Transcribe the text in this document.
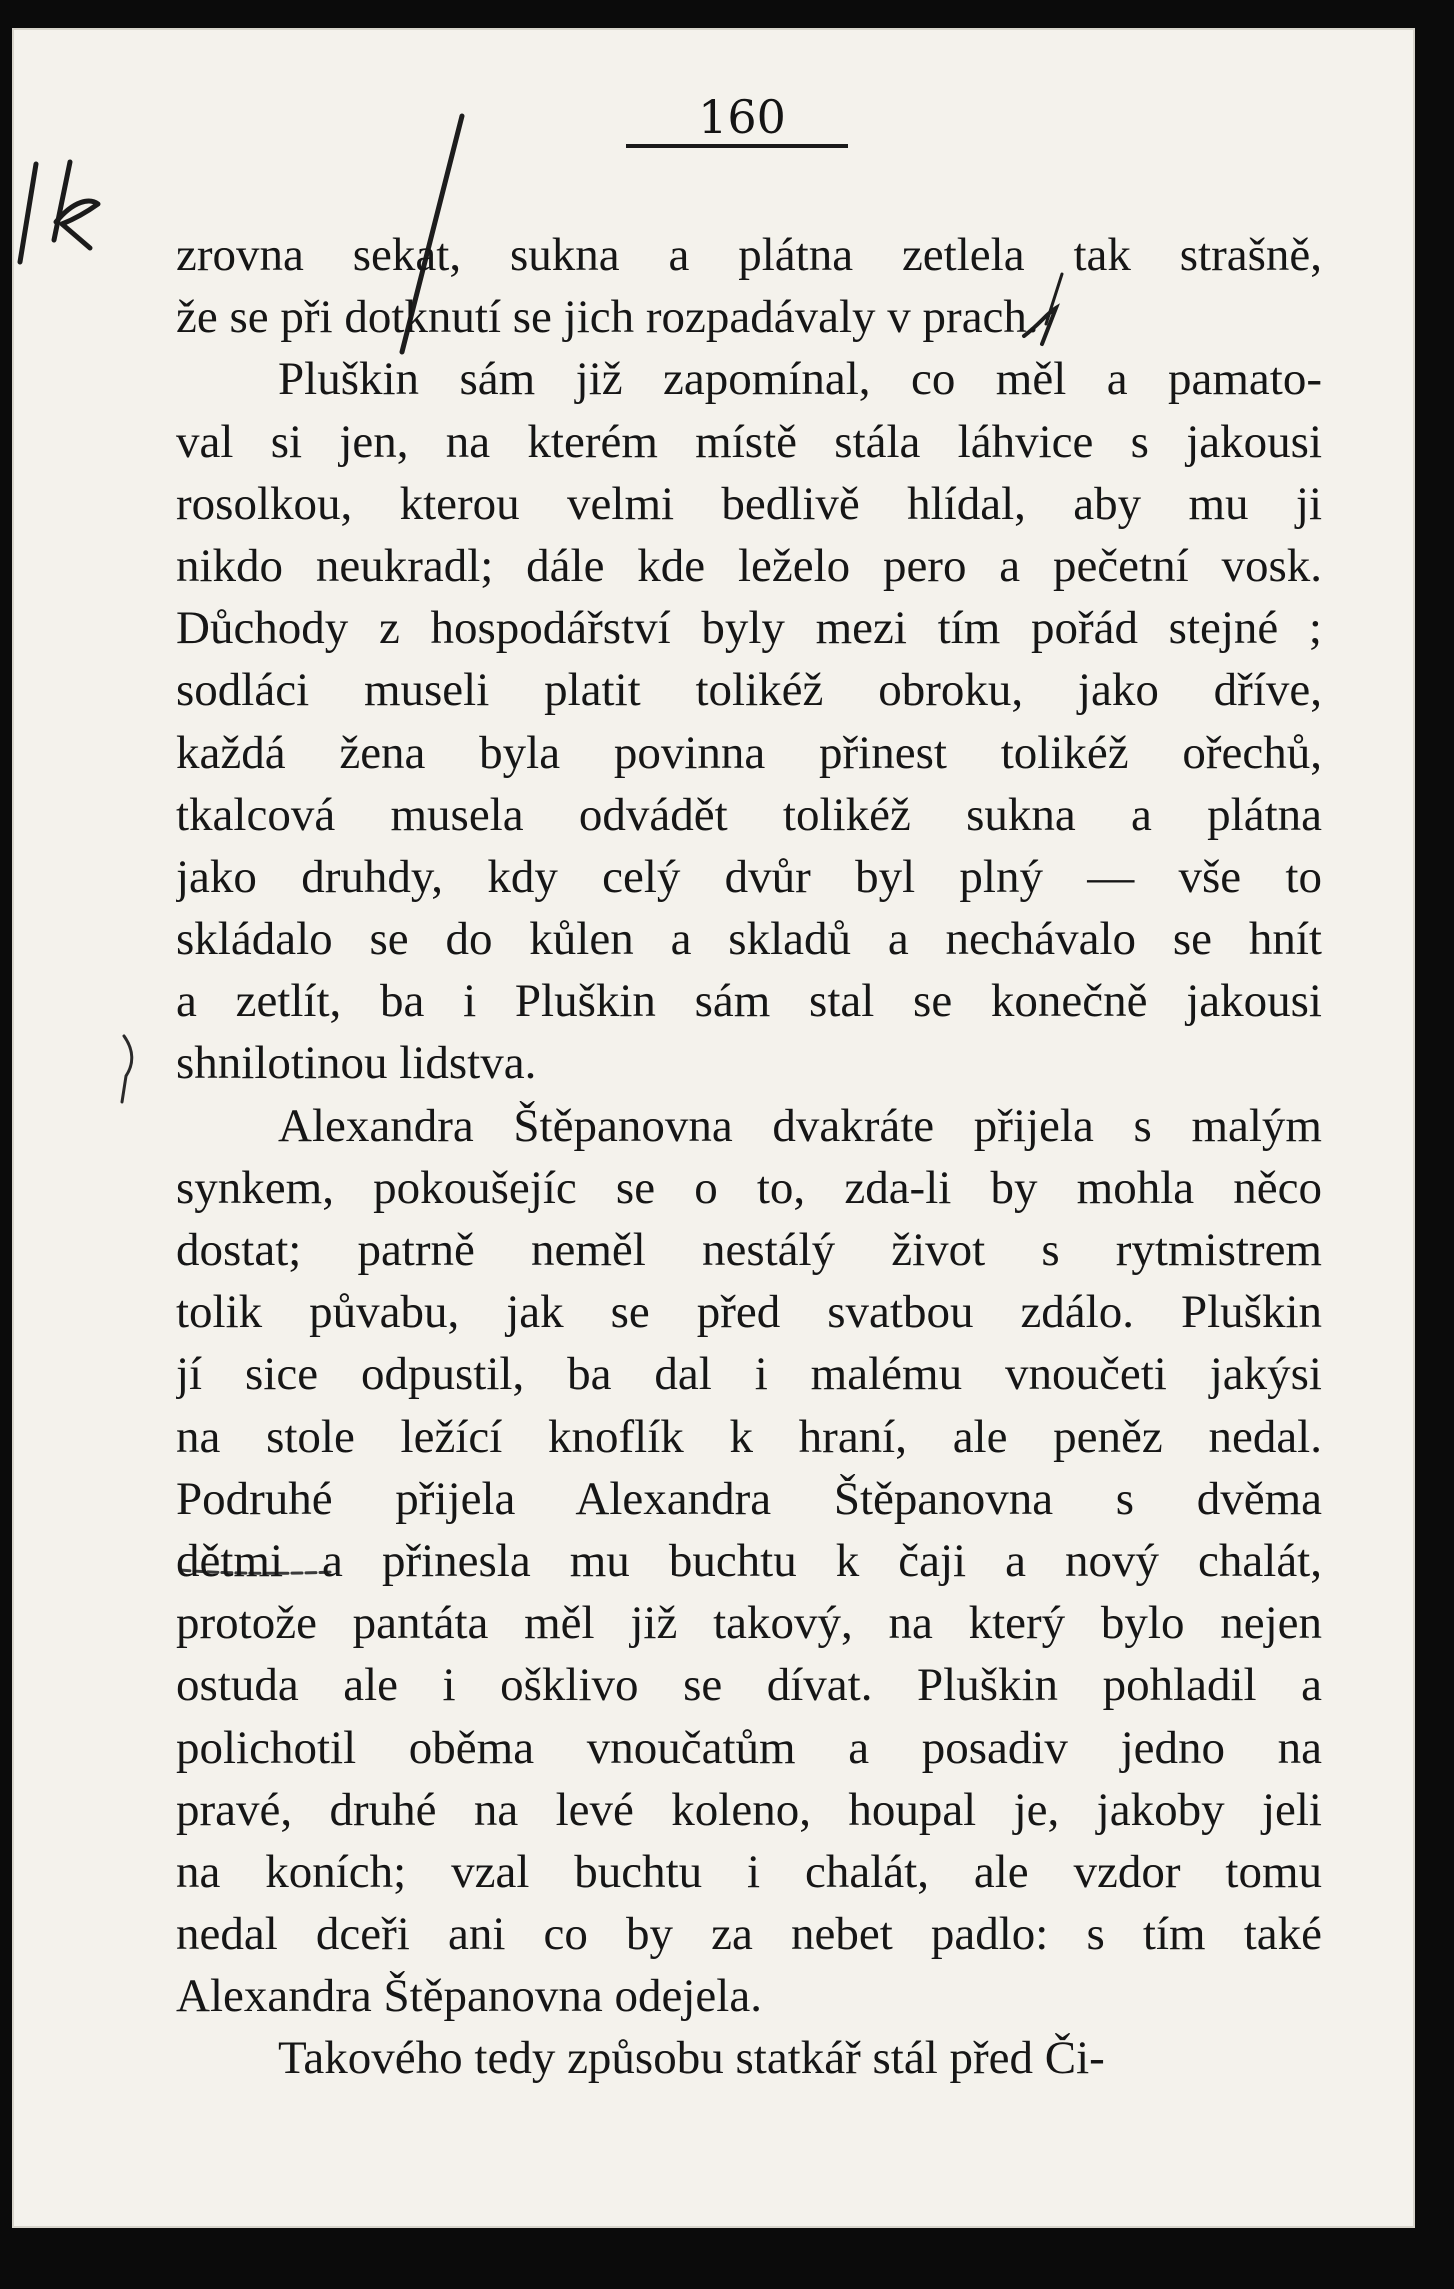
160
zrovna sekat, sukna a plátna zetlela tak strašně,
že se při dotknutí se jich rozpadávaly v prach.
Pluškin sám již zapomínal, co měl a pamato-
val si jen, na kterém místě stála láhvice s jakousi
rosolkou, kterou velmi bedlivě hlídal, aby mu ji
nikdo neukradl; dále kde leželo pero a pečetní vosk.
Důchody z hospodářství byly mezi tím pořád stejné ;
sodláci museli platit tolikéž obroku, jako dříve,
každá žena byla povinna přinest tolikéž ořechů,
tkalcová musela odvádět tolikéž sukna a plátna
jako druhdy, kdy celý dvůr byl plný — vše to
skládalo se do kůlen a skladů a nechávalo se hnít
a zetlít, ba i Pluškin sám stal se konečně jakousi
shnilotinou lidstva.
Alexandra Štěpanovna dvakráte přijela s malým
synkem, pokoušejíc se o to, zda-li by mohla něco
dostat; patrně neměl nestálý život s rytmistrem
tolik půvabu, jak se před svatbou zdálo. Pluškin
jí sice odpustil, ba dal i malému vnoučeti jakýsi
na stole ležící knoflík k hraní, ale peněz nedal.
Podruhé přijela Alexandra Štěpanovna s dvěma
dětmi a přinesla mu buchtu k čaji a nový chalát,
protože pantáta měl již takový, na který bylo nejen
ostuda ale i ošklivo se dívat. Pluškin pohladil a
polichotil oběma vnoučatům a posadiv jedno na
pravé, druhé na levé koleno, houpal je, jakoby jeli
na koních; vzal buchtu i chalát, ale vzdor tomu
nedal dceři ani co by za nebet padlo: s tím také
Alexandra Štěpanovna odejela.
Takového tedy způsobu statkář stál před Či-
